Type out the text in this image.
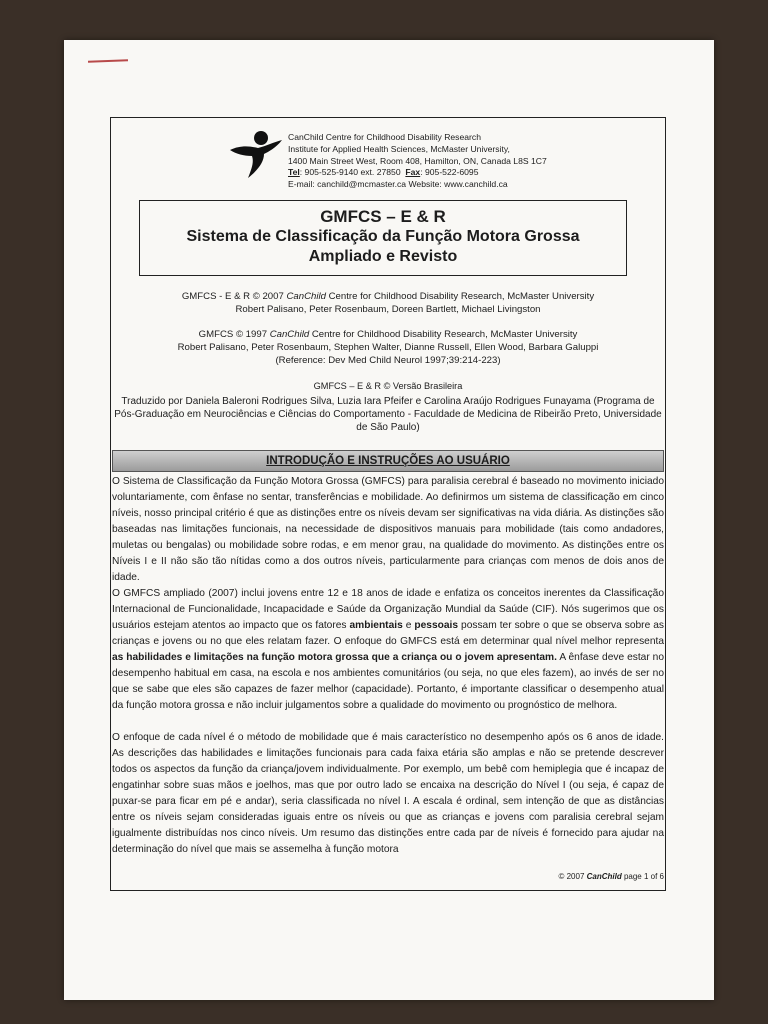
CanChild Centre for Childhood Disability Research
Institute for Applied Health Sciences, McMaster University,
1400 Main Street West, Room 408, Hamilton, ON, Canada L8S 1C7
Tel: 905-525-9140 ext. 27850 Fax: 905-522-6095
E-mail: canchild@mcmaster.ca Website: www.canchild.ca
GMFCS – E & R
Sistema de Classificação da Função Motora Grossa
Ampliado e Revisto
GMFCS - E & R © 2007 CanChild Centre for Childhood Disability Research, McMaster University
Robert Palisano, Peter Rosenbaum, Doreen Bartlett, Michael Livingston
GMFCS © 1997 CanChild Centre for Childhood Disability Research, McMaster University
Robert Palisano, Peter Rosenbaum, Stephen Walter, Dianne Russell, Ellen Wood, Barbara Galuppi
(Reference: Dev Med Child Neurol 1997;39:214-223)
GMFCS – E & R © Versão Brasileira
Traduzido por Daniela Baleroni Rodrigues Silva, Luzia Iara Pfeifer e Carolina Araújo Rodrigues Funayama (Programa de Pós-Graduação em Neurociências e Ciências do Comportamento - Faculdade de Medicina de Ribeirão Preto, Universidade de São Paulo)
INTRODUÇÃO E INSTRUÇÕES AO USUÁRIO

O Sistema de Classificação da Função Motora Grossa (GMFCS) para paralisia cerebral é baseado no movimento iniciado voluntariamente, com ênfase no sentar, transferências e mobilidade. Ao definirmos um sistema de classificação em cinco níveis, nosso principal critério é que as distinções entre os níveis devam ser significativas na vida diária. As distinções são baseadas nas limitações funcionais, na necessidade de dispositivos manuais para mobilidade (tais como andadores, muletas ou bengalas) ou mobilidade sobre rodas, e em menor grau, na qualidade do movimento. As distinções entre os Níveis I e II não são tão nítidas como a dos outros níveis, particularmente para crianças com menos de dois anos de idade.

O GMFCS ampliado (2007) inclui jovens entre 12 e 18 anos de idade e enfatiza os conceitos inerentes da Classificação Internacional de Funcionalidade, Incapacidade e Saúde da Organização Mundial da Saúde (CIF). Nós sugerimos que os usuários estejam atentos ao impacto que os fatores ambientais e pessoais possam ter sobre o que se observa sobre as crianças e jovens ou no que eles relatam fazer. O enfoque do GMFCS está em determinar qual nível melhor representa as habilidades e limitações na função motora grossa que a criança ou o jovem apresentam. A ênfase deve estar no desempenho habitual em casa, na escola e nos ambientes comunitários (ou seja, no que eles fazem), ao invés de ser no que se sabe que eles são capazes de fazer melhor (capacidade). Portanto, é importante classificar o desempenho atual da função motora grossa e não incluir julgamentos sobre a qualidade do movimento ou prognóstico de melhora.

O enfoque de cada nível é o método de mobilidade que é mais característico no desempenho após os 6 anos de idade. As descrições das habilidades e limitações funcionais para cada faixa etária são amplas e não se pretende descrever todos os aspectos da função da criança/jovem individualmente. Por exemplo, um bebê com hemiplegia que é incapaz de engatinhar sobre suas mãos e joelhos, mas que por outro lado se encaixa na descrição do Nível I (ou seja, é capaz de puxar-se para ficar em pé e andar), seria classificada no nível I. A escala é ordinal, sem intenção de que as distâncias entre os níveis sejam consideradas iguais entre os níveis ou que as crianças e jovens com paralisia cerebral sejam igualmente distribuídas nos cinco níveis. Um resumo das distinções entre cada par de níveis é fornecido para ajudar na determinação do nível que mais se assemelha à função motora

© 2007 CanChild page 1 of 6
